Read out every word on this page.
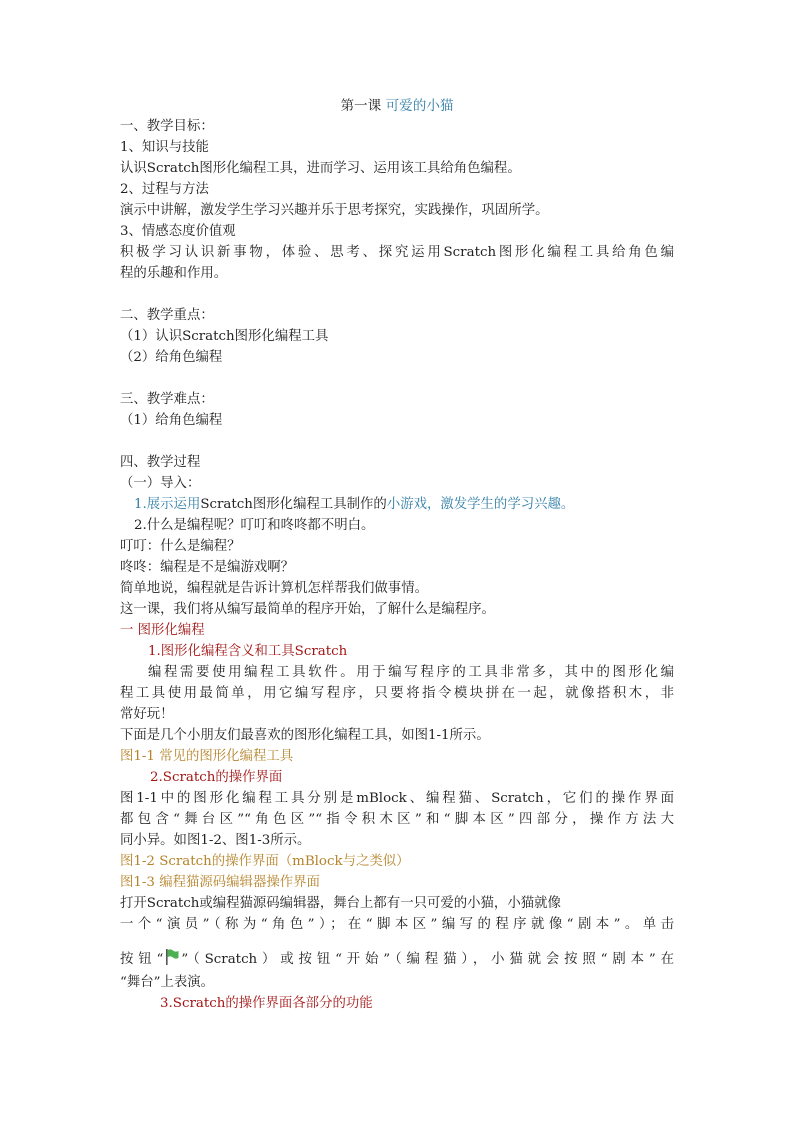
第一课 可爱的小猫
一、教学目标：
1、知识与技能
认识Scratch图形化编程工具，进而学习、运用该工具给角色编程。
2、过程与方法
演示中讲解，激发学生学习兴趣并乐于思考探究，实践操作，巩固所学。
3、情感态度价值观
积极学习认识新事物，体验、思考、探究运用Scratch图形化编程工具给角色编
程的乐趣和作用。
二、教学重点：
（1）认识Scratch图形化编程工具
（2）给角色编程
三、教学难点：
（1）给角色编程
四、教学过程
（一）导入：
1.展示运用Scratch图形化编程工具制作的小游戏，激发学生的学习兴趣。
2.什么是编程呢？叮叮和咚咚都不明白。
叮叮：什么是编程？
咚咚：编程是不是编游戏啊？
简单地说，编程就是告诉计算机怎样帮我们做事情。
这一课，我们将从编写最简单的程序开始，了解什么是编程序。
一 图形化编程
1.图形化编程含义和工具Scratch
编程需要使用编程工具软件。用于编写程序的工具非常多，其中的图形化编
程工具使用最简单，用它编写程序，只要将指令模块拼在一起，就像搭积木，非
常好玩！
下面是几个小朋友们最喜欢的图形化编程工具，如图1-1所示。
图1-1 常见的图形化编程工具
2.Scratch的操作界面
图1-1中的图形化编程工具分别是mBlock、编程猫、Scratch，它们的操作界面
都包含“舞台区”“角色区”“指令积木区”和“脚本区”四部分，操作方法大
同小异。如图1-2、图1-3所示。
图1-2 Scratch的操作界面（mBlock与之类似）
图1-3 编程猫源码编辑器操作界面
打开Scratch或编程猫源码编辑器，舞台上都有一只可爱的小猫，小猫就像
一个“演员”（称为“角色”）；在“脚本区”编写的程序就像“剧本”。单击
按钮“ ”（Scratch）或按钮“开始”（编程猫），小猫就会按照“剧本”在
“舞台”上表演。
3.Scratch的操作界面各部分的功能
